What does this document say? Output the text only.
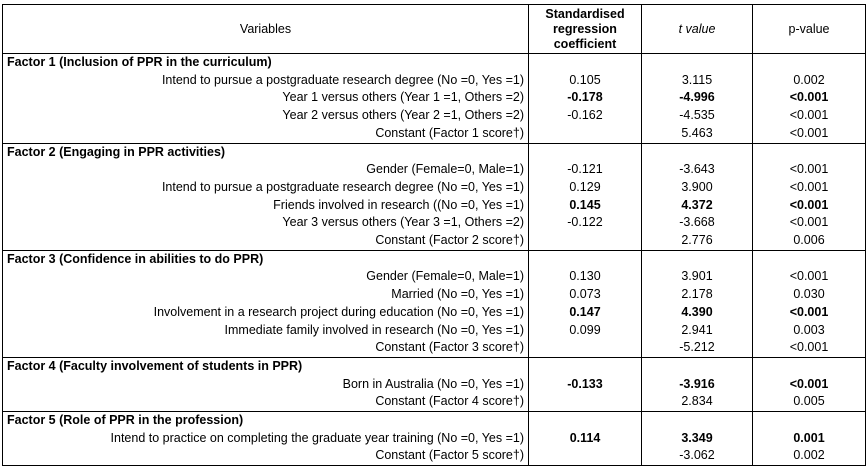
Variables	Standardised
regression
coefficient	t value	p-value
Factor 1 (Inclusion of PPR in the curriculum)			
Intend to pursue a postgraduate research degree (No =0, Yes =1)	0.105	3.115	0.002
Year 1 versus others (Year 1 =1, Others =2)	-0.178	-4.996	<0.001
Year 2 versus others (Year 2 =1, Others =2)	-0.162	-4.535	<0.001
Constant (Factor 1 score†)		5.463	<0.001
Factor 2 (Engaging in PPR activities)			
Gender (Female=0, Male=1)	-0.121	-3.643	<0.001
Intend to pursue a postgraduate research degree (No =0, Yes =1)	0.129	3.900	<0.001
Friends involved in research ((No =0, Yes =1)	0.145	4.372	<0.001
Year 3 versus others (Year 3 =1, Others =2)	-0.122	-3.668	<0.001
Constant (Factor 2 score†)		2.776	0.006
Factor 3 (Confidence in abilities to do PPR)			
Gender (Female=0, Male=1)	0.130	3.901	<0.001
Married (No =0, Yes =1)	0.073	2.178	0.030
Involvement in a research project during education (No =0, Yes =1)	0.147	4.390	<0.001
Immediate family involved in research (No =0, Yes =1)	0.099	2.941	0.003
Constant (Factor 3 score†)		-5.212	<0.001
Factor 4 (Faculty involvement of students in PPR)			
Born in Australia (No =0, Yes =1)	-0.133	-3.916	<0.001
Constant (Factor 4 score†)		2.834	0.005
Factor 5 (Role of PPR in the profession)			
Intend to practice on completing the graduate year training (No =0, Yes =1)	0.114	3.349	0.001
Constant (Factor 5 score†)		-3.062	0.002
